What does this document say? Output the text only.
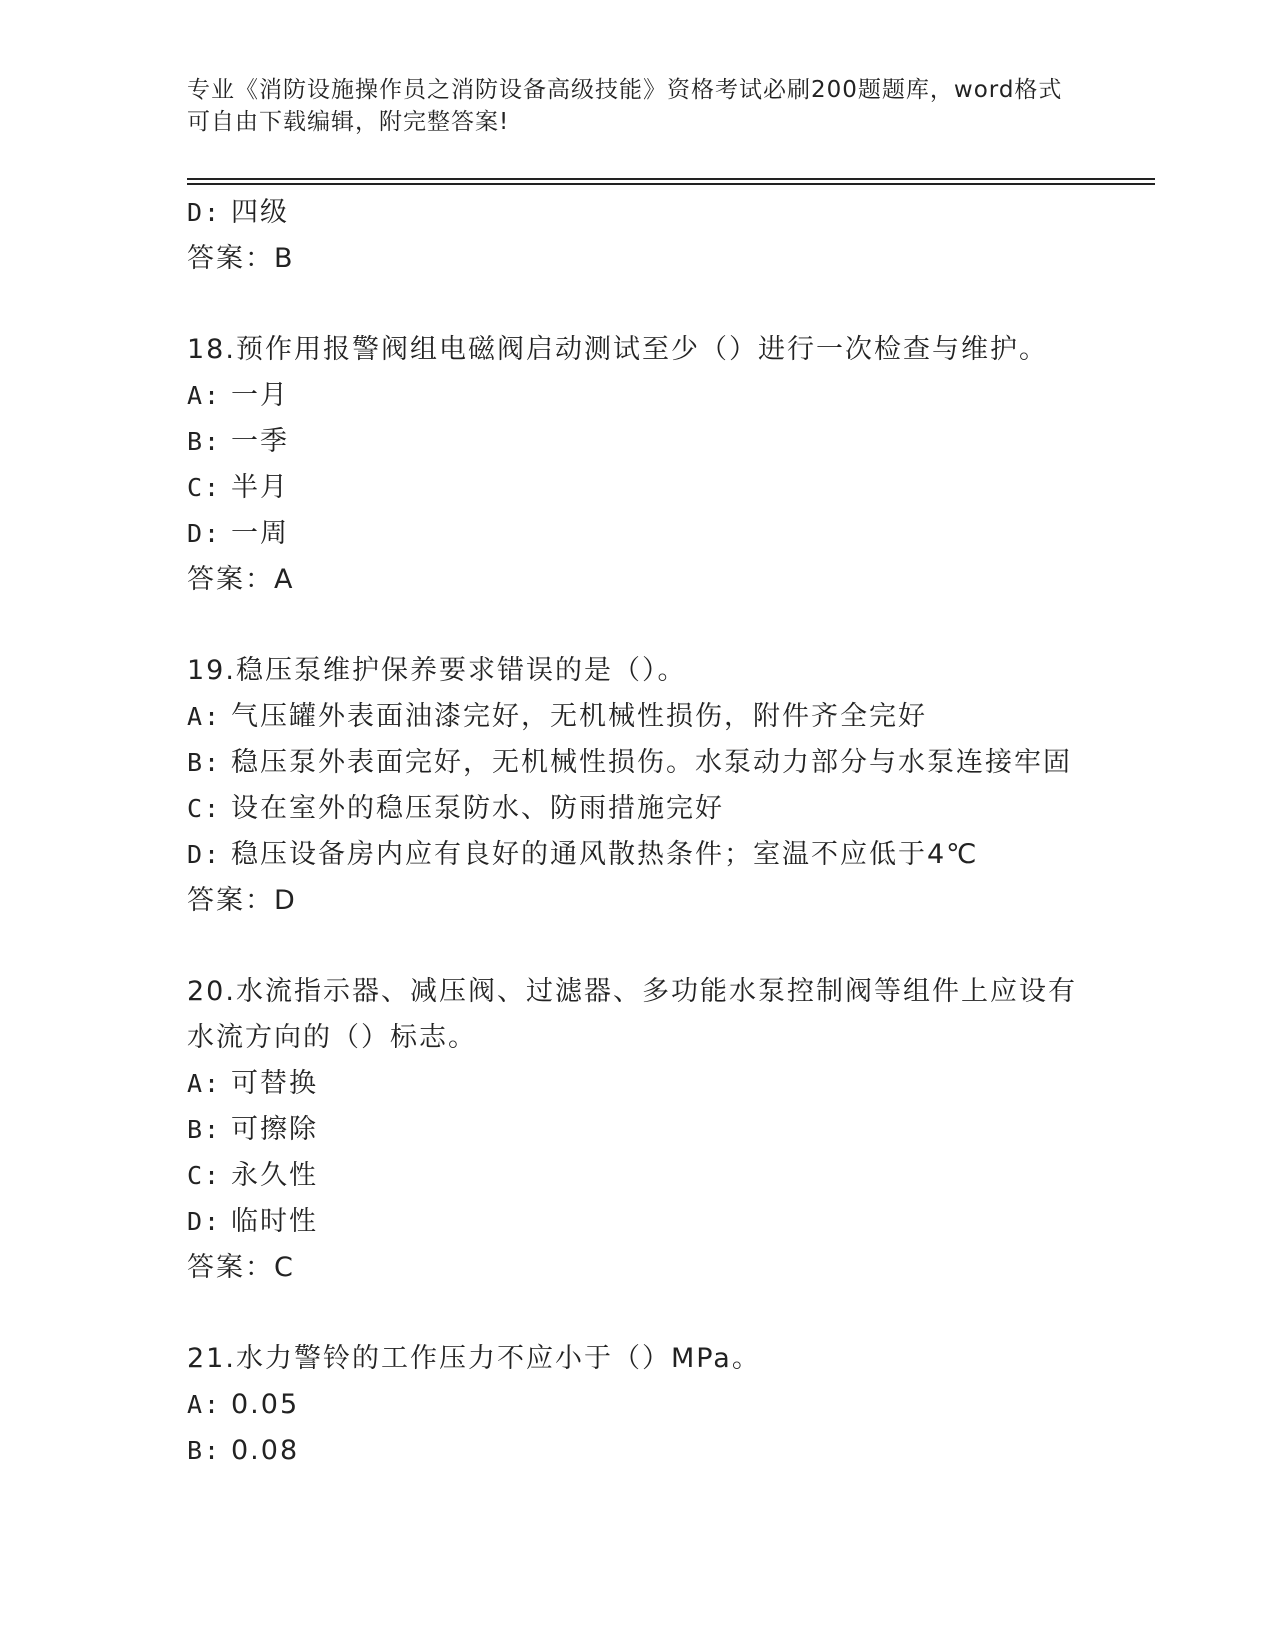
专业《消防设施操作员之消防设备高级技能》资格考试必刷200题题库，word格式可自由下载编辑，附完整答案!
D: 四级
答案：B
18.预作用报警阀组电磁阀启动测试至少（）进行一次检查与维护。
A: 一月
B: 一季
C: 半月
D: 一周
答案：A
19.稳压泵维护保养要求错误的是（）。
A: 气压罐外表面油漆完好，无机械性损伤，附件齐全完好
B: 稳压泵外表面完好，无机械性损伤。水泵动力部分与水泵连接牢固
C: 设在室外的稳压泵防水、防雨措施完好
D: 稳压设备房内应有良好的通风散热条件；室温不应低于4℃
答案：D
20.水流指示器、减压阀、过滤器、多功能水泵控制阀等组件上应设有
水流方向的（）标志。
A: 可替换
B: 可擦除
C: 永久性
D: 临时性
答案：C
21.水力警铃的工作压力不应小于（）MPa。
A: 0.05
B: 0.08
